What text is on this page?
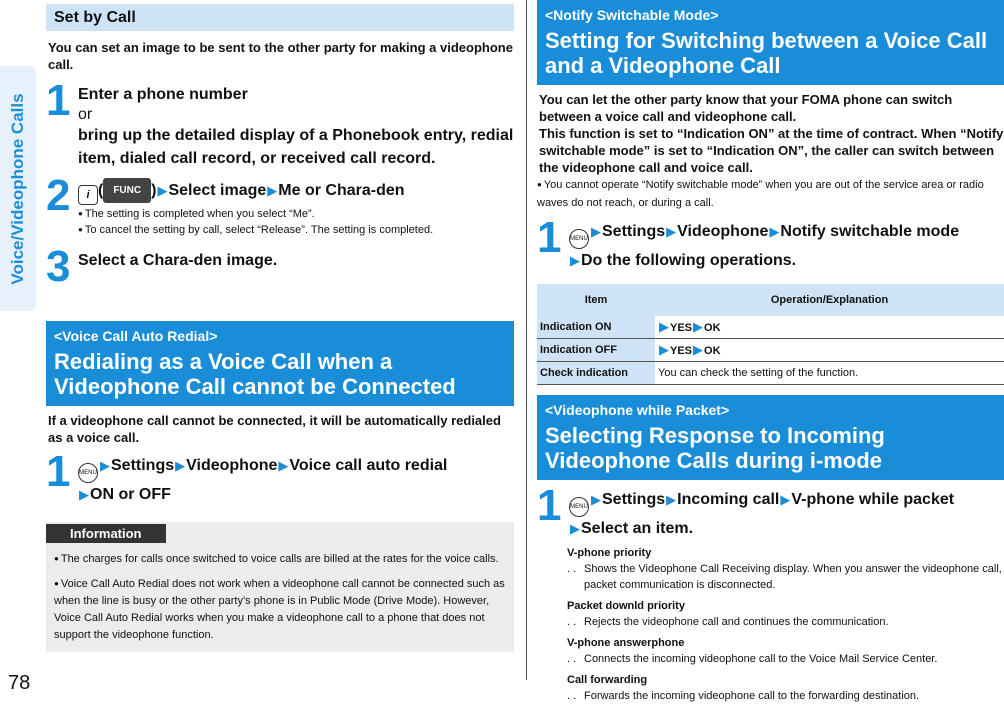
Voice/Videophone Calls
78
Set by Call
You can set an image to be sent to the other party for making a videophone call.
1 Enter a phone number
or
bring up the detailed display of a Phonebook entry, redial item, dialed call record, or received call record.
2	i ( FUNC )▶Select image▶Me or Chara-den
● The setting is completed when you select “Me”.
● To cancel the setting by call, select “Release”. The setting is completed.
3 Select a Chara-den image.
<Voice Call Auto Redial>
Redialing as a Voice Call when a Videophone Call cannot be Connected
If a videophone call cannot be connected, it will be automatically redialed as a voice call.
1 MENU ▶Settings▶Videophone▶Voice call auto redial
▶ON or OFF
Information
● The charges for calls once switched to voice calls are billed at the rates for the voice calls.
● Voice Call Auto Redial does not work when a videophone call cannot be connected such as when the line is busy or the other party’s phone is in Public Mode (Drive Mode). However, Voice Call Auto Redial works when you make a videophone call to a phone that does not support the videophone function.
<Notify Switchable Mode>
Setting for Switching between a Voice Call and a Videophone Call
You can let the other party know that your FOMA phone can switch between a voice call and videophone call.
This function is set to “Indication ON” at the time of contract. When “Notify switchable mode” is set to “Indication ON”, the caller can switch between the videophone call and voice call.
● You cannot operate “Notify switchable mode” when you are out of the service area or radio waves do not reach, or during a call.
1 MENU ▶Settings▶Videophone▶Notify switchable mode
▶Do the following operations.
Item	Operation/Explanation
Indication ON	▶YES▶OK
Indication OFF	▶YES▶OK
Check indication	You can check the setting of the function.
<Videophone while Packet>
Selecting Response to Incoming Videophone Calls during i-mode
1 MENU ▶Settings▶Incoming call▶V-phone while packet
▶Select an item.
V-phone priority
. . Shows the Videophone Call Receiving display. When you answer the videophone call, packet communication is disconnected.
Packet downld priority
. . Rejects the videophone call and continues the communication.
V-phone answerphone
. . Connects the incoming videophone call to the Voice Mail Service Center.
Call forwarding
. . Forwards the incoming videophone call to the forwarding destination.
